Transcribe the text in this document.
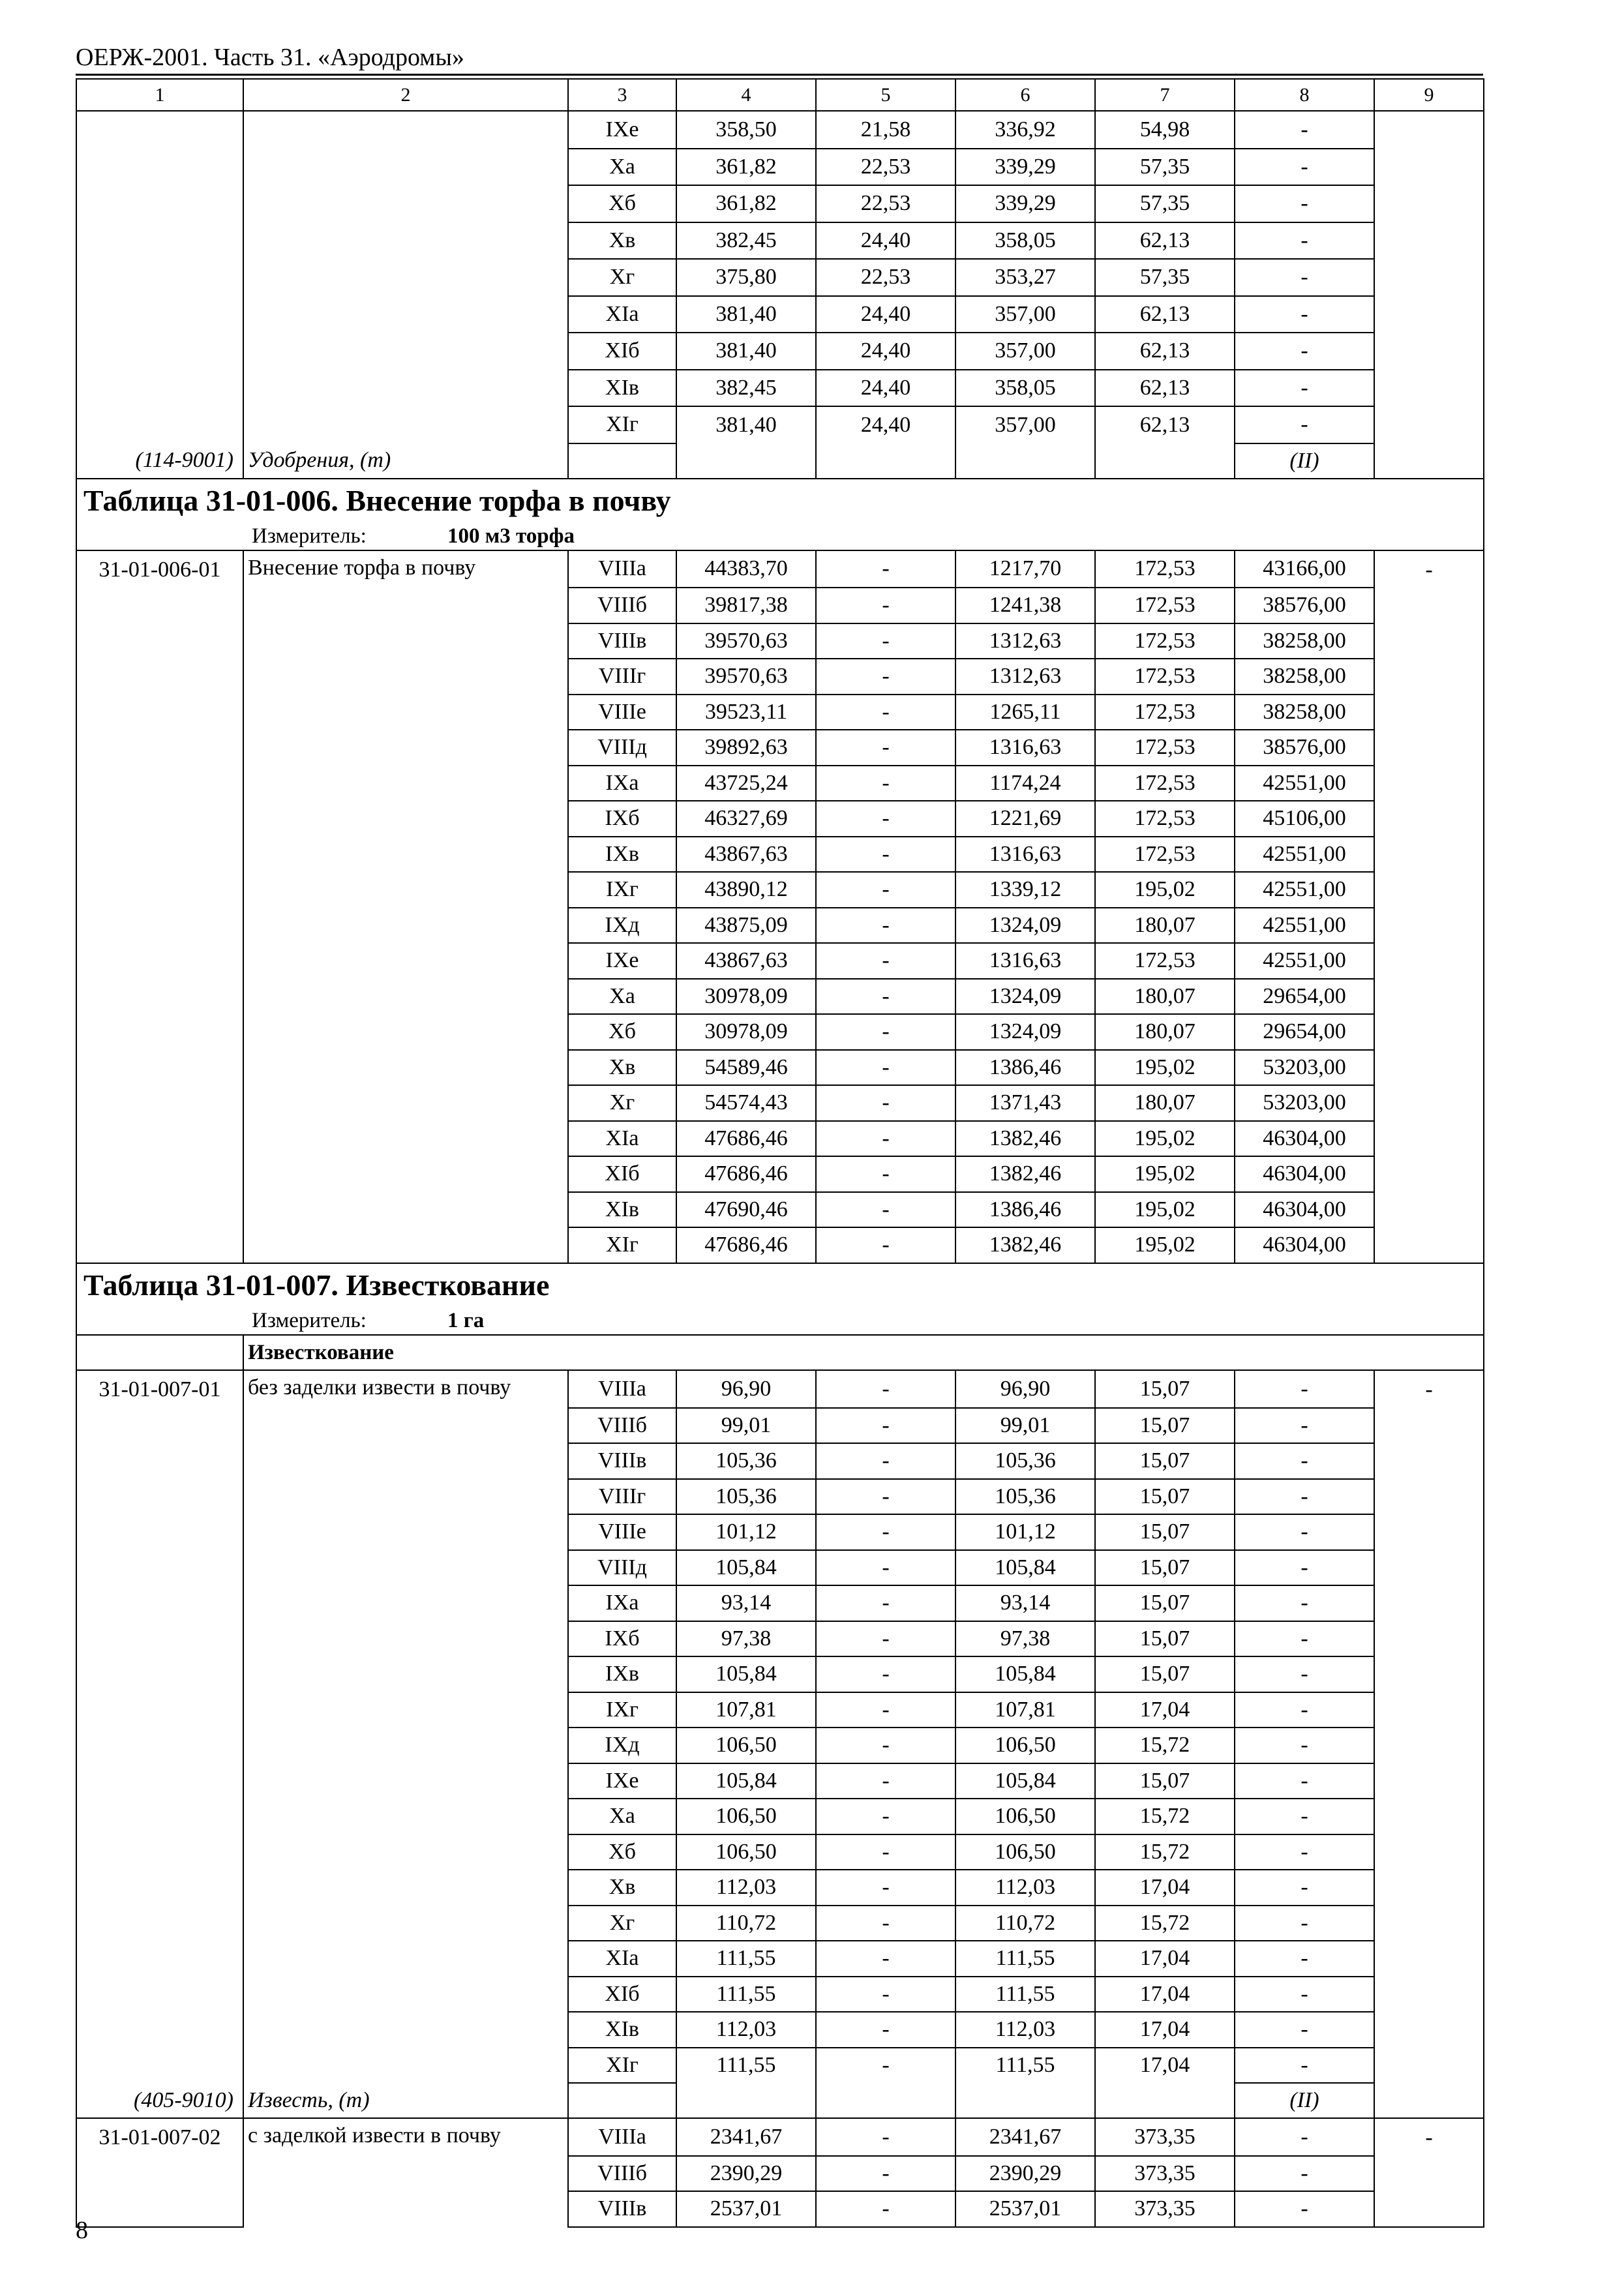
ОЕРЖ-2001. Часть 31. «Аэродромы»
1	2	3	4	5	6	7	8	9
		IXe	358,50	21,58	336,92	54,98	-	
		Xa	361,82	22,53	339,29	57,35	-	
		Xб	361,82	22,53	339,29	57,35	-	
		Xв	382,45	24,40	358,05	62,13	-	
		Xг	375,80	22,53	353,27	57,35	-	
		XIa	381,40	24,40	357,00	62,13	-	
		XIб	381,40	24,40	357,00	62,13	-	
		XIв	382,45	24,40	358,05	62,13	-	
		XIг	381,40	24,40	357,00	62,13	-	
(114-9001)	Удобрения, (т)						(II)	
Таблица 31-01-006. Внесение торфа в почву								
Измеритель: 100 м3 торфа								
31-01-006-01	Внесение торфа в почву	VIIIa	44383,70	-	1217,70	172,53	43166,00	-
		VIIIб	39817,38	-	1241,38	172,53	38576,00	
		VIIIв	39570,63	-	1312,63	172,53	38258,00	
		VIIIг	39570,63	-	1312,63	172,53	38258,00	
		VIIIe	39523,11	-	1265,11	172,53	38258,00	
		VIIIд	39892,63	-	1316,63	172,53	38576,00	
		IXa	43725,24	-	1174,24	172,53	42551,00	
		IXб	46327,69	-	1221,69	172,53	45106,00	
		IXв	43867,63	-	1316,63	172,53	42551,00	
		IXг	43890,12	-	1339,12	195,02	42551,00	
		IXд	43875,09	-	1324,09	180,07	42551,00	
		IXe	43867,63	-	1316,63	172,53	42551,00	
		Xa	30978,09	-	1324,09	180,07	29654,00	
		Xб	30978,09	-	1324,09	180,07	29654,00	
		Xв	54589,46	-	1386,46	195,02	53203,00	
		Xг	54574,43	-	1371,43	180,07	53203,00	
		XIa	47686,46	-	1382,46	195,02	46304,00	
		XIб	47686,46	-	1382,46	195,02	46304,00	
		XIв	47690,46	-	1386,46	195,02	46304,00	
		XIг	47686,46	-	1382,46	195,02	46304,00	
Таблица 31-01-007. Известкование								
Измеритель: 1 га								
	Известкование							
31-01-007-01	без заделки извести в почву	VIIIa	96,90	-	96,90	15,07	-	-
		VIIIб	99,01	-	99,01	15,07	-	
		VIIIв	105,36	-	105,36	15,07	-	
		VIIIг	105,36	-	105,36	15,07	-	
		VIIIe	101,12	-	101,12	15,07	-	
		VIIIд	105,84	-	105,84	15,07	-	
		IXa	93,14	-	93,14	15,07	-	
		IXб	97,38	-	97,38	15,07	-	
		IXв	105,84	-	105,84	15,07	-	
		IXг	107,81	-	107,81	17,04	-	
		IXд	106,50	-	106,50	15,72	-	
		IXe	105,84	-	105,84	15,07	-	
		Xa	106,50	-	106,50	15,72	-	
		Xб	106,50	-	106,50	15,72	-	
		Xв	112,03	-	112,03	17,04	-	
		Xг	110,72	-	110,72	15,72	-	
		XIa	111,55	-	111,55	17,04	-	
		XIб	111,55	-	111,55	17,04	-	
		XIв	112,03	-	112,03	17,04	-	
		XIг	111,55	-	111,55	17,04	-	
(405-9010)	Известь, (т)						(II)	
31-01-007-02	с заделкой извести в почву	VIIIa	2341,67	-	2341,67	373,35	-	-
		VIIIб	2390,29	-	2390,29	373,35	-	
		VIIIв	2537,01	-	2537,01	373,35	-	
8
